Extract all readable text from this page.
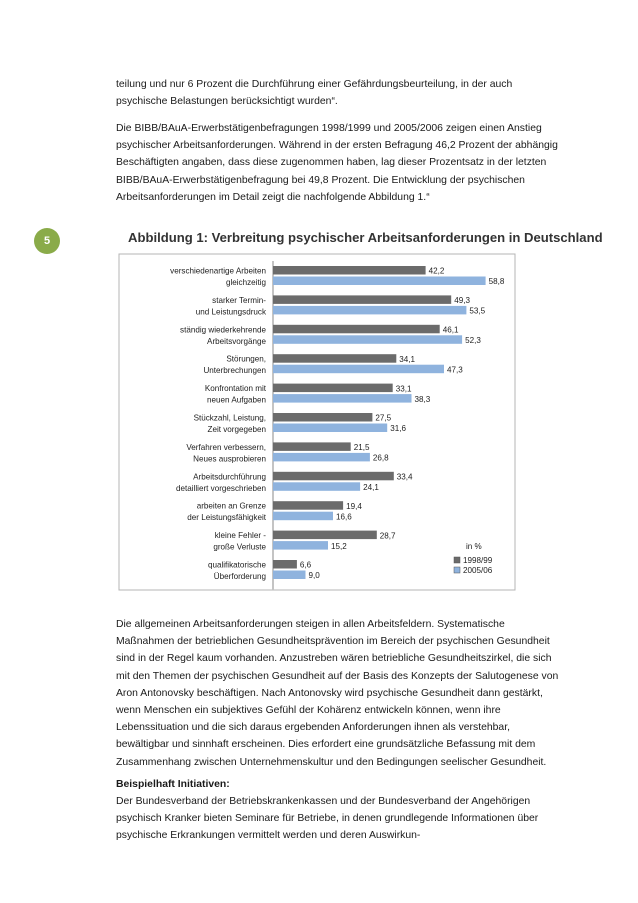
teilung und nur 6 Prozent die Durchführung einer Gefährdungsbeurteilung, in der auch psychische Belastungen berücksichtigt wurden“.

Die BIBB/BAuA-Erwerbstätigenbefragungen 1998/1999 und 2005/2006 zeigen einen Anstieg psychischer Arbeitsanforderungen. Während in der ersten Befragung 46,2 Prozent der abhängig Beschäftigten angaben, dass diese zugenommen haben, lag dieser Prozentsatz in der letzten BIBB/BAuA-Erwerbstätigenbefragung bei 49,8 Prozent. Die Entwicklung der psychischen Arbeitsanforderungen im Detail zeigt die nachfolgende Abbildung 1.“

5	Abbildung 1: Verbreitung psychischer Arbeitsanforderungen in Deutschland
verschiedenartige Arbeiten
gleichzeitig
42,2
58,8
starker Termin-
und Leistungsdruck
49,3
53,5
ständig wiederkehrende
Arbeitsvorgänge
46,1
52,3
Störungen,
Unterbrechungen
34,1
47,3
Konfrontation mit
neuen Aufgaben
33,1
38,3
Stückzahl, Leistung,
Zeit vorgegeben
27,5
31,6
Verfahren verbessern,
Neues ausprobieren
21,5
26,8
Arbeitsdurchführung
detailliert vorgeschrieben
33,4
24,1
arbeiten an Grenze
der Leistungsfähigkeit
19,4
16,6
kleine Fehler -
große Verluste
28,7
15,2
qualifikatorische
Überforderung
6,6
9,0
in %
1998/99
2005/06

Die allgemeinen Arbeitsanforderungen steigen in allen Arbeitsfeldern. Systematische Maßnahmen der betrieblichen Gesundheitsprävention im Bereich der psychischen Gesundheit sind in der Regel kaum vorhanden. Anzustreben wären betriebliche Gesundheitszirkel, die sich mit den Themen der psychischen Gesundheit auf der Basis des Konzepts der Salutogenese von Aron Antonovsky beschäftigen. Nach Antonovsky wird psychische Gesundheit dann gestärkt, wenn Menschen ein subjektives Gefühl der Kohärenz entwickeln können, wenn ihre Lebenssituation und die sich daraus ergebenden Anforderungen ihnen als verstehbar, bewältigbar und sinnhaft erscheinen. Dies erfordert eine grundsätzliche Befassung mit dem Zusammenhang zwischen Unternehmenskultur und den Bedingungen seelischer Gesundheit.

Beispielhaft Initiativen:

Der Bundesverband der Betriebskrankenkassen und der Bundesverband der Angehörigen psychisch Kranker bieten Seminare für Betriebe, in denen grundlegende Informationen über psychische Erkrankungen vermittelt werden und deren Auswirkun-
